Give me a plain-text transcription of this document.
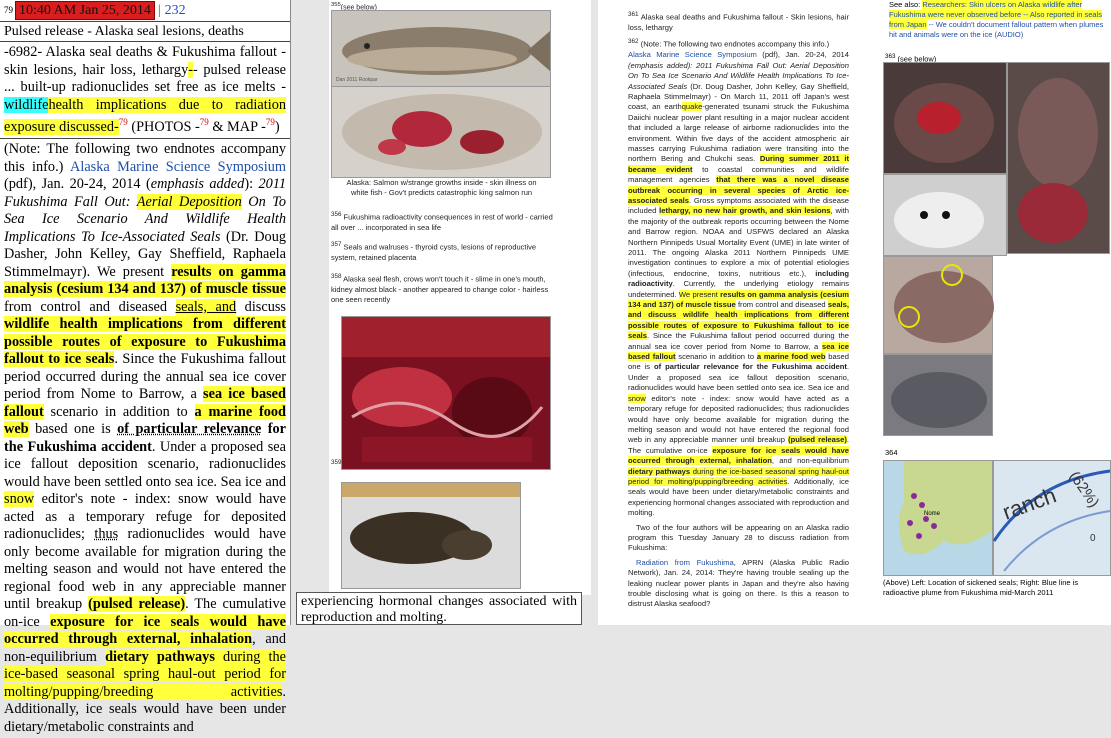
79 10:40 AM Jan 25, 2014 | 232
Pulsed release - Alaska seal lesions, deaths
-6982- Alaska seal deaths & Fukushima fallout - skin lesions, hair loss, lethargy-- pulsed release ... built-up radionuclides set free as ice melts - wildlifehealth implications due to radiation exposure discussed-$^{79}$ (PHOTOS -$^{79}$ & MAP -$^{79}$)
(Note: The following two endnotes accompany this info.) Alaska Marine Science Symposium (pdf), Jan. 20-24, 2014 (emphasis added): 2011 Fukushima Fall Out: Aerial Deposition On To Sea Ice Scenario And Wildlife Health Implications To Ice-Associated Seals (Dr. Doug Dasher, John Kelley, Gay Sheffield, Raphaela Stimmelmayr). We present results on gamma analysis (cesium 134 and 137) of muscle tissue from control and diseased seals, and discuss wildlife health implications from different possible routes of exposure to Fukushima fallout to ice seals. Since the Fukushima fallout period occurred during the annual sea ice cover period from Nome to Barrow, a sea ice based fallout scenario in addition to a marine food web based one is of particular relevance for the Fukushima accident. Under a proposed sea ice fallout deposition scenario, radionuclides would have been settled onto sea ice. Sea ice and snow editor's note - index: snow would have acted as a temporary refuge for deposited radionuclides; thus radionuclides would have only become available for migration during the melting season and would not have entered the regional food web in any appreciable manner until breakup (pulsed release). The cumulative on-ice exposure for ice seals would have occurred through external, inhalation, and non-equilibrium dietary pathways during the ice-based seasonal spring haul-out period for molting/pupping/breeding activities. Additionally, ice seals would have been under dietary/metabolic constraints and
$^{355}$(see below)
Dan 2011 Rookpar
Alaska: Salmon w/strange growths inside - skin illness on white fish - Gov't predicts catastrophic king salmon run
$^{356}$ Fukushima radioactivity consequences in rest of world - carried all over ... incorporated in sea life
$^{357}$ Seals and walruses - thyroid cysts, lesions of reproductive system, retained placenta
$^{358}$ Alaska seal flesh, crows won't touch it - slime in one's mouth, kidney almost black - another appeared to change color - hairless one seen recently
$^{359}$
experiencing hormonal changes associated with reproduction and molting.

$^{361}$ Alaska seal deaths and Fukushima fallout - Skin lesions, hair loss, lethargy

$^{362}$ (Note: The following two endnotes accompany this info.)

Alaska Marine Science Symposium (pdf), Jan. 20-24, 2014 (emphasis added): 2011 Fukushima Fall Out: Aerial Deposition On To Sea Ice Scenario And Wildlife Health Implications To Ice-Associated Seals (Dr. Doug Dasher, John Kelley, Gay Sheffield, Raphaela Stimmelmayr) - On March 11, 2011 off Japan's west coast, an earthquake-generated tsunami struck the Fukushima Daiichi nuclear power plant resulting in a major nuclear accident that included a large release of airborne radionuclides into the environment. Within five days of the accident atmospheric air masses carrying Fukushima radiation were transiting into the northern Bering and Chukchi seas. During summer 2011 it became evident to coastal communities and wildlife management agencies that there was a novel disease outbreak occurring in several species of Arctic ice-associated seals. Gross symptoms associated with the disease included lethargy, no new hair growth, and skin lesions, with the majority of the outbreak reports occurring between the Nome and Barrow region. NOAA and USFWS declared an Alaska Northern Pinnipeds Usual Mortality Event (UME) in late winter of 2011. The ongoing Alaska 2011 Northern Pinnipeds UME investigation continues to explore a mix of potential etiologies (infectious, endocrine, toxins, nutritious etc.), including radioactivity. Currently, the underlying etiology remains undetermined. We present results on gamma analysis (cesium 134 and 137) of muscle tissue from control and diseased seals, and discuss wildlife health implications from different possible routes of exposure to Fukushima fallout to ice seals. Since the Fukushima fallout period occurred during the annual sea ice cover period from Nome to Barrow, a sea ice based fallout scenario in addition to a marine food web based one is of particular relevance for the Fukushima accident. Under a proposed sea ice fallout deposition scenario, radionuclides would have been settled onto sea ice. Sea ice and snow editor's note - index: snow would have acted as a temporary refuge for deposited radionuclides; thus radionuclides would have only become available for migration during the melting season and would not have entered the regional food web in any appreciable manner until breakup (pulsed release). The cumulative on-ice exposure for ice seals would have occurred through external, inhalation, and non-equilibrium dietary pathways during the ice-based seasonal spring haul-out period for molting/pupping/breeding activities. Additionally, ice seals would have been under dietary/metabolic constraints and experiencing hormonal changes associated with reproduction and molting.

Two of the four authors will be appearing on an Alaska radio program this Tuesday January 28 to discuss radiation from Fukushima:

Radiation from Fukushima, APRN (Alaska Public Radio Network), Jan. 24, 2014: They're having trouble sealing up the leaking nuclear power plants in Japan and they're also having trouble disclosing what is going on there. Is this a reason to distrust Alaska seafood?

See also: Researchers: Skin ulcers on Alaska wildlife after Fukushima were never observed before -- Also reported in seals from Japan -- We couldn't document fallout pattern when plumes hit and animals were on the ice (AUDIO)
$^{363}$ (see below)
364
Nome	ranch (62%)
0
(Above) Left: Location of sickened seals; Right: Blue line is radioactive plume from Fukushima mid-March 2011
